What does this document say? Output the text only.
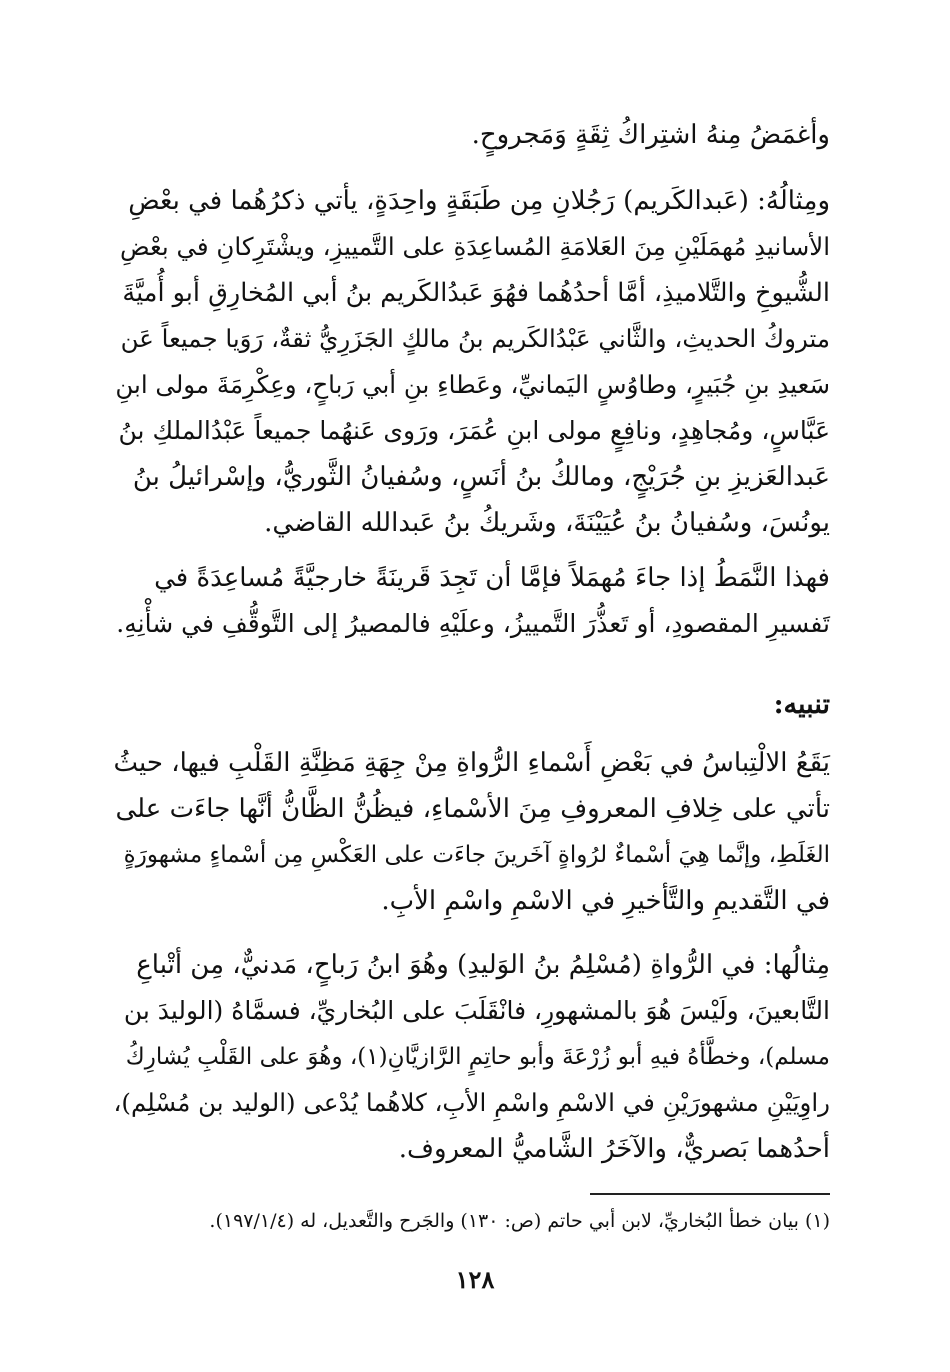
وأغمَضُ مِنهُ اشتِراكُ ثِقَةٍ وَمَجروحٍ.
ومِثالُهُ: (عَبدالكَريم) رَجُلانِ مِن طَبَقَةٍ واحِدَةٍ، يأتي ذكرُهُما في بعْضِ
الأسانيدِ مُهمَلَيْنِ مِنَ العَلامَةِ المُساعِدَةِ على التَّمييزِ، ويشْتَرِكانِ في بعْضِ
الشُّيوخِ والتَّلاميذِ، أمَّا أحدُهُما فهُوَ عَبدُالكَريم بنُ أبي المُخارِقِ أبو أُميَّةَ
متروكُ الحديثِ، والثَّاني عَبْدُالكَريم بنُ مالكٍ الجَزَرِيُّ ثقةٌ، رَوَيا جميعاً عَن
سَعيدِ بنِ جُبَيرٍ، وطاوُسٍ اليَمانيِّ، وعَطاءِ بنِ أبي رَباحٍ، وعِكْرِمَةَ مولى ابنِ
عَبَّاسٍ، ومُجاهِدٍ، ونافِعٍ مولى ابنِ عُمَرَ، ورَوى عَنهُما جميعاً عَبْدُالملكِ بنُ
عَبدالعَزيزِ بنِ جُرَيْجٍ، ومالكُ بنُ أنَسٍ، وسُفيانُ الثَّوريُّ، وإسْرائيلُ بنُ
يونُسَ، وسُفيانُ بنُ عُيَيْنَةَ، وشَريكُ بنُ عَبدالله القاضي.
فهذا النَّمَطُ إذا جاءَ مُهمَلاً فإمَّا أن تَجِدَ قَرينَةً خارجيَّةً مُساعِدَةً في
تَفسيرِ المقصودِ، أو تَعذُّرَ التَّمييزُ، وعلَيْهِ فالمصيرُ إلى التَّوقُّفِ في شأْنِهِ.
تنبيه:
يَقَعُ الالْتِباسُ في بَعْضِ أَسْماءِ الرُّواةِ مِنْ جِهَةِ مَظِنَّةِ القَلْبِ فيها، حيثُ
تأتي على خِلافِ المعروفِ مِنَ الأسْماءِ، فيظُنُّ الظَّانُّ أنَّها جاءَت على
الغَلَطِ، وإنَّما هِيَ أسْماءٌ لرُواةٍ آخَرينَ جاءَت على العَكْسِ مِن أسْماءٍ مشهورَةٍ
في التَّقديمِ والتَّأخيرِ في الاسْمِ واسْمِ الأبِ.
مِثالُها: في الرُّواةِ (مُسْلِمُ بنُ الوَليدِ) وهُوَ ابنُ رَباحٍ، مَدنيٌّ، مِن أتْباعِ
التَّابعينَ، ولَيْسَ هُوَ بالمشهورِ، فانْقَلَبَ على البُخاريِّ، فسمَّاهُ (الوليدَ بن
مسلم)، وخطَّأهُ فيهِ أبو زُرْعَةَ وأبو حاتِمٍ الرَّازيَّانِ(١)، وهُوَ على القَلْبِ يُشارِكُ
راوِيَيْنِ مشهورَيْنِ في الاسْمِ واسْمِ الأبِ، كلاهُما يُدْعى (الوليد بن مُسْلِم)،
أحدُهما بَصريٌّ، والآخَرُ الشَّاميُّ المعروف.
(١) بيان خطأ البُخاريِّ، لابن أبي حاتم (ص: ١٣٠) والجَرح والتَّعديل، له (١٩٧/١/٤).
١٢٨
